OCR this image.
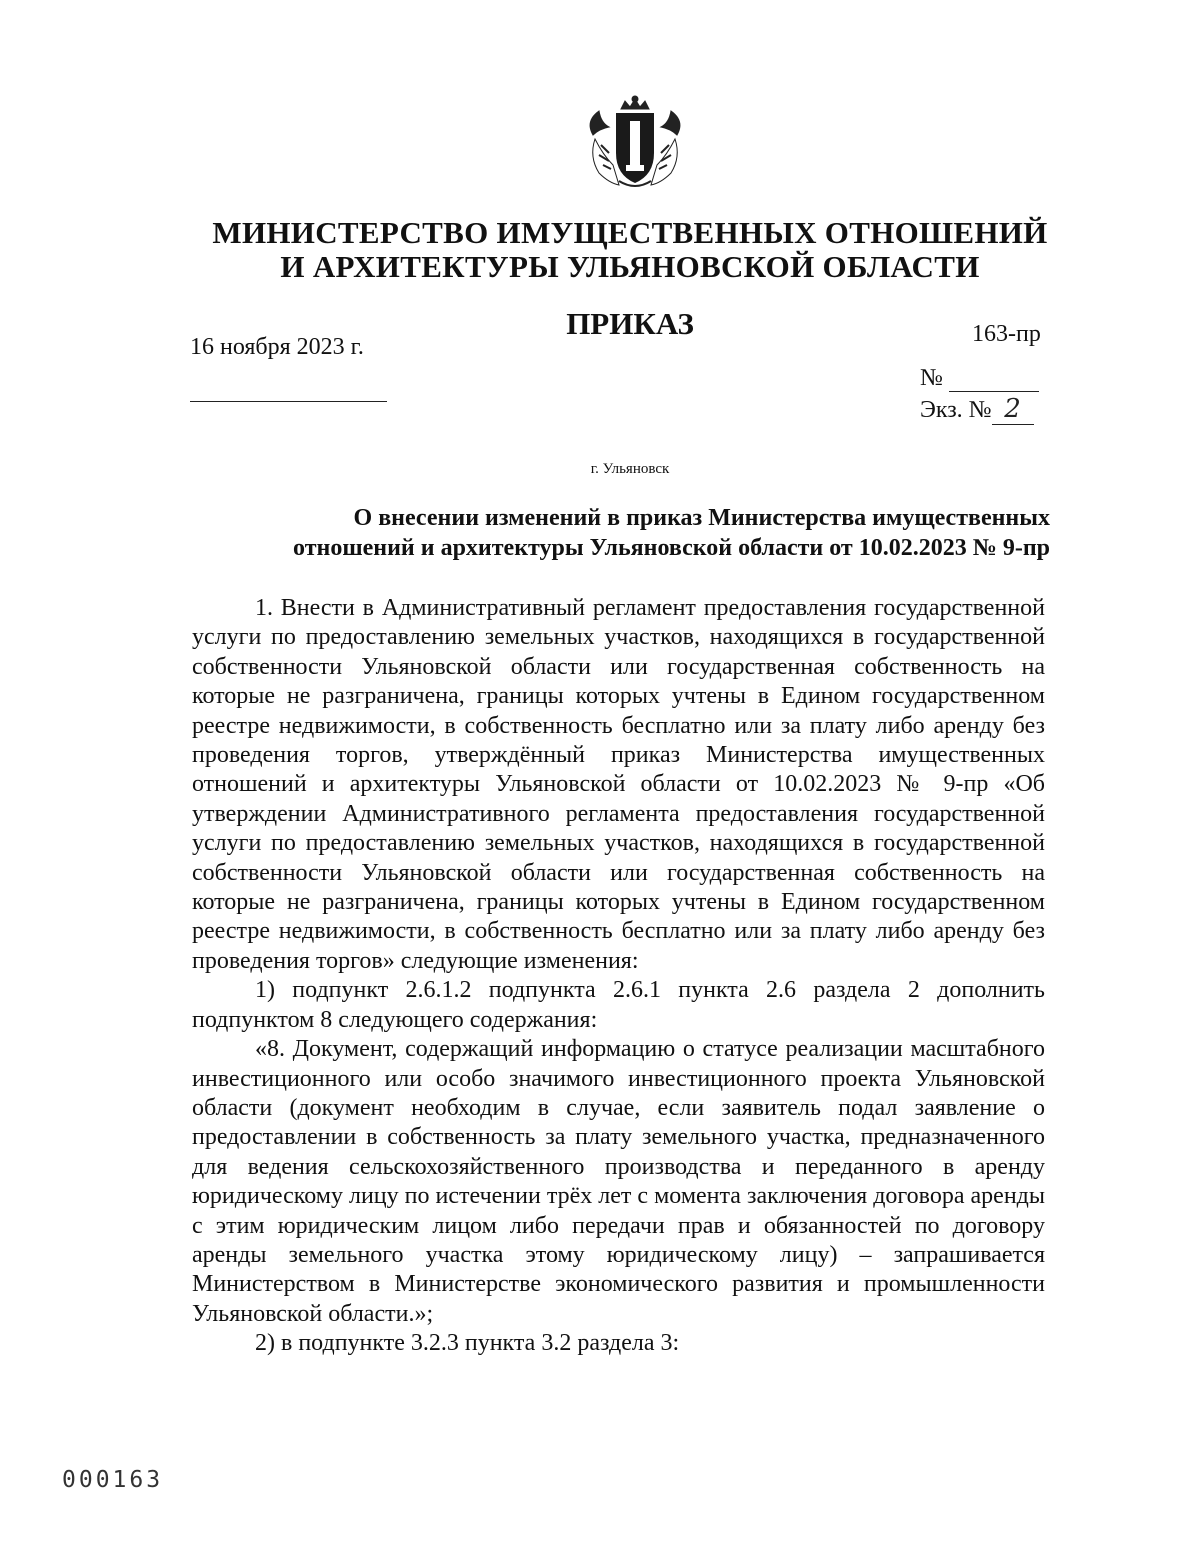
МИНИСТЕРСТВО ИМУЩЕСТВЕННЫХ ОТНОШЕНИЙ
И АРХИТЕКТУРЫ УЛЬЯНОВСКОЙ ОБЛАСТИ
ПРИКАЗ
16 ноября 2023 г.	163-пр
№
Экз. № 2
г. Ульяновск
О внесении изменений в приказ Министерства имущественных
отношений и архитектуры Ульяновской области от 10.02.2023 № 9-пр

1. Внести в Административный регламент предоставления государственной услуги по предоставлению земельных участков, находящихся в государственной собственности Ульяновской области или государственная собственность на которые не разграничена, границы которых учтены в Едином государственном реестре недвижимости, в собственность бесплатно или за плату либо аренду без проведения торгов, утверждённый приказ Министерства имущественных отношений и архитектуры Ульяновской области от 10.02.2023 № 9-пр «Об утверждении Административного регламента предоставления государственной услуги по предоставлению земельных участков, находящихся в государственной собственности Ульяновской области или государственная собственность на которые не разграничена, границы которых учтены в Едином государственном реестре недвижимости, в собственность бесплатно или за плату либо аренду без проведения торгов» следующие изменения:

1) подпункт 2.6.1.2 подпункта 2.6.1 пункта 2.6 раздела 2 дополнить подпунктом 8 следующего содержания:

«8. Документ, содержащий информацию о статусе реализации масштабного инвестиционного или особо значимого инвестиционного проекта Ульяновской области (документ необходим в случае, если заявитель подал заявление о предоставлении в собственность за плату земельного участка, предназначенного для ведения сельскохозяйственного производства и переданного в аренду юридическому лицу по истечении трёх лет с момента заключения договора аренды с этим юридическим лицом либо передачи прав и обязанностей по договору аренды земельного участка этому юридическому лицу) – запрашивается Министерством в Министерстве экономического развития и промышленности Ульяновской области.»;

2) в подпункте 3.2.3 пункта 3.2 раздела 3:

000163
